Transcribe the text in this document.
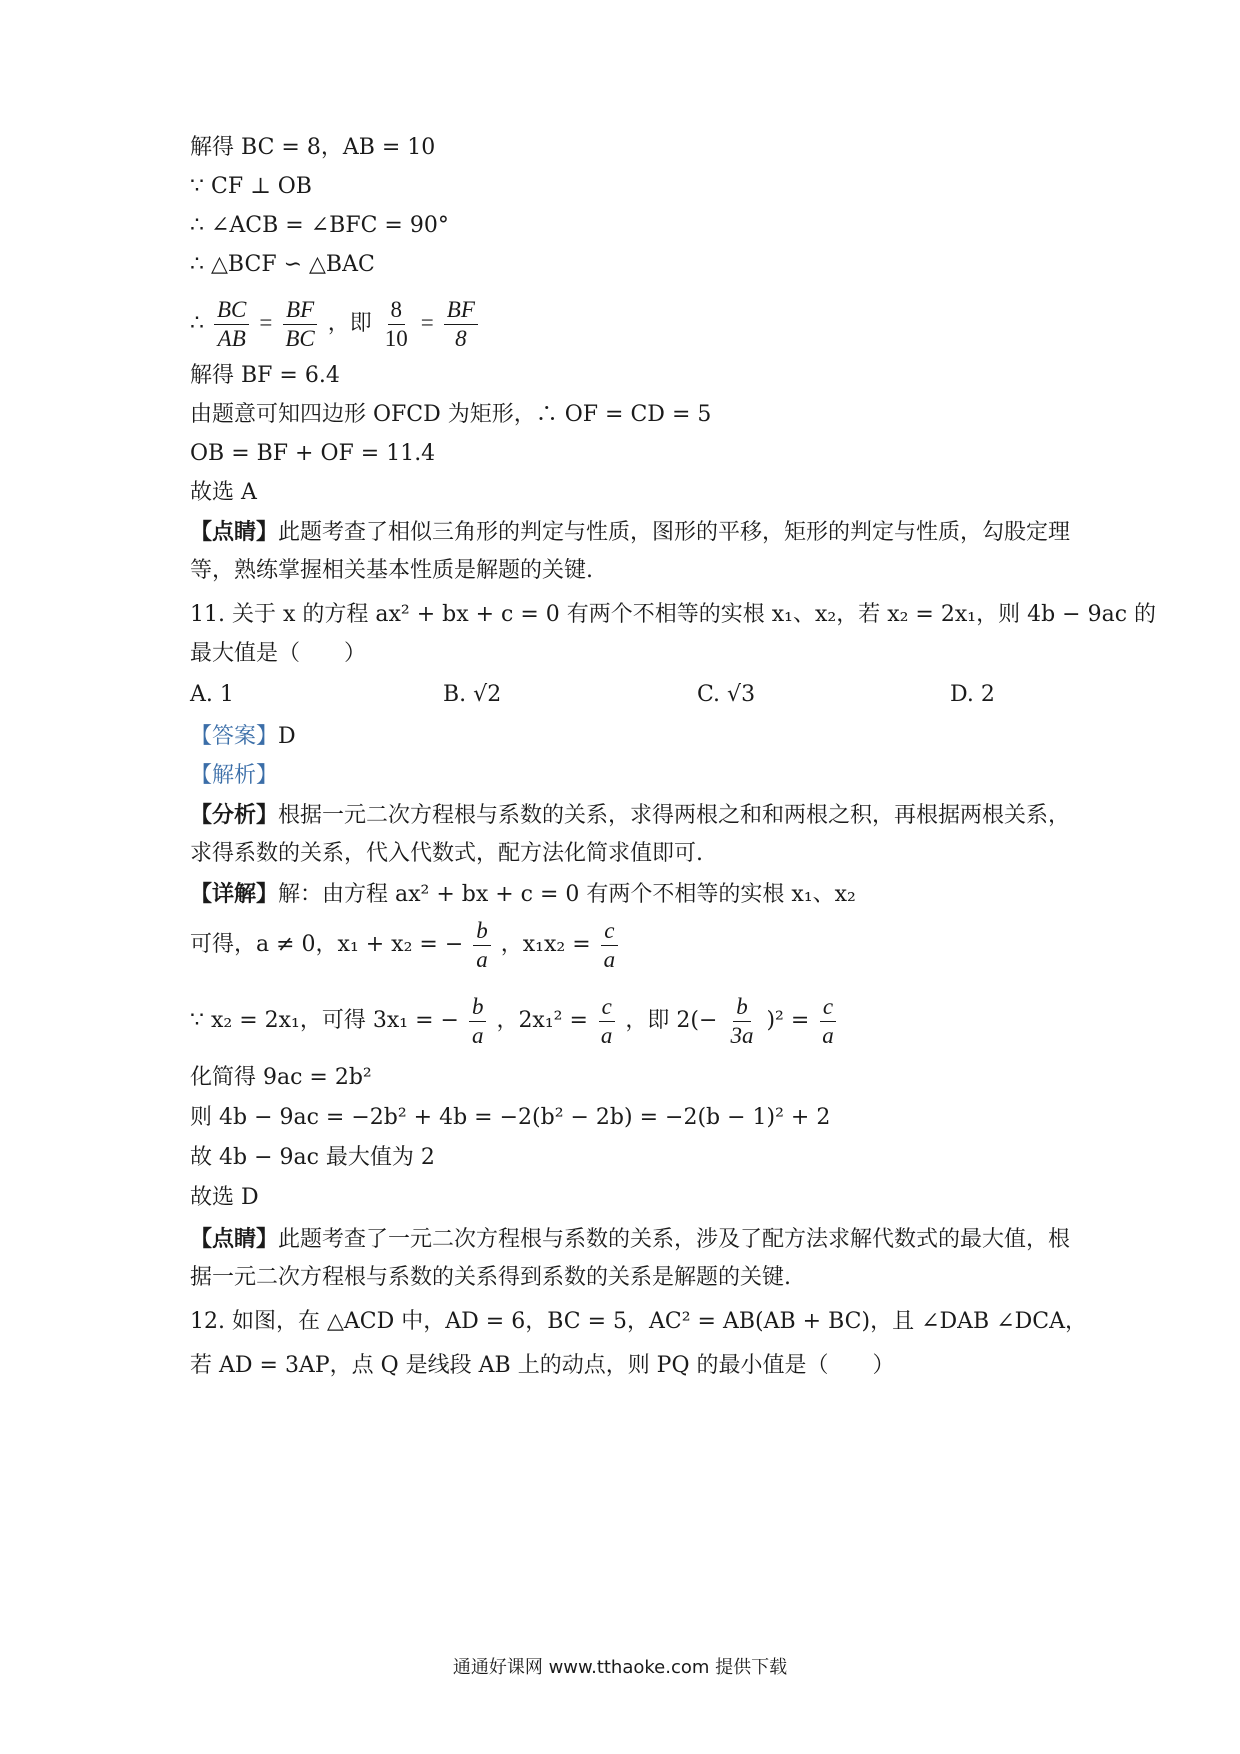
解得 BC = 8，AB = 10
∵ CF ⊥ OB
∴ ∠ACB = ∠BFC = 90°
∴ △BCF ∽ △BAC
∴ $\frac{BC}{AB} = \frac{BF}{BC}$ ，即 $\frac{8}{10} = \frac{BF}{8}$
解得 BF = 6.4
由题意可知四边形 OFCD 为矩形，∴ OF = CD = 5
OB = BF + OF = 11.4
故选 A
【点睛】此题考查了相似三角形的判定与性质，图形的平移，矩形的判定与性质，勾股定理
等，熟练掌握相关基本性质是解题的关键.
11. 关于 x 的方程 ax² + bx + c = 0 有两个不相等的实根 x₁、x₂，若 x₂ = 2x₁，则 4b − 9ac 的
最大值是（　　）
A. 1	B. √2	C. √3	D. 2
【答案】D
【解析】
【分析】根据一元二次方程根与系数的关系，求得两根之和和两根之积，再根据两根关系，
求得系数的关系，代入代数式，配方法化简求值即可.
【详解】解：由方程 ax² + bx + c = 0 有两个不相等的实根 x₁、x₂
可得，a ≠ 0，x₁ + x₂ = − $\frac{b}{a}$ ，$x_1x_2 = \frac{c}{a}$
∵ x₂ = 2x₁，可得 3x₁ = − $\frac{b}{a}$ ，$2x_1^2 = \frac{c}{a}$ ，即 $2(- \frac{b}{3a} )^2 = \frac{c}{a}$
化简得 9ac = 2b²
则 4b − 9ac = −2b² + 4b = −2(b² − 2b) = −2(b − 1)² + 2
故 4b − 9ac 最大值为 2
故选 D
【点睛】此题考查了一元二次方程根与系数的关系，涉及了配方法求解代数式的最大值，根
据一元二次方程根与系数的关系得到系数的关系是解题的关键.
12. 如图，在 △ACD 中，AD = 6，BC = 5，AC² = AB(AB + BC)，且 ∠DAB ∠DCA，
若 AD = 3AP，点 Q 是线段 AB 上的动点，则 PQ 的最小值是（　　）
通通好课网 www.tthaoke.com 提供下载
